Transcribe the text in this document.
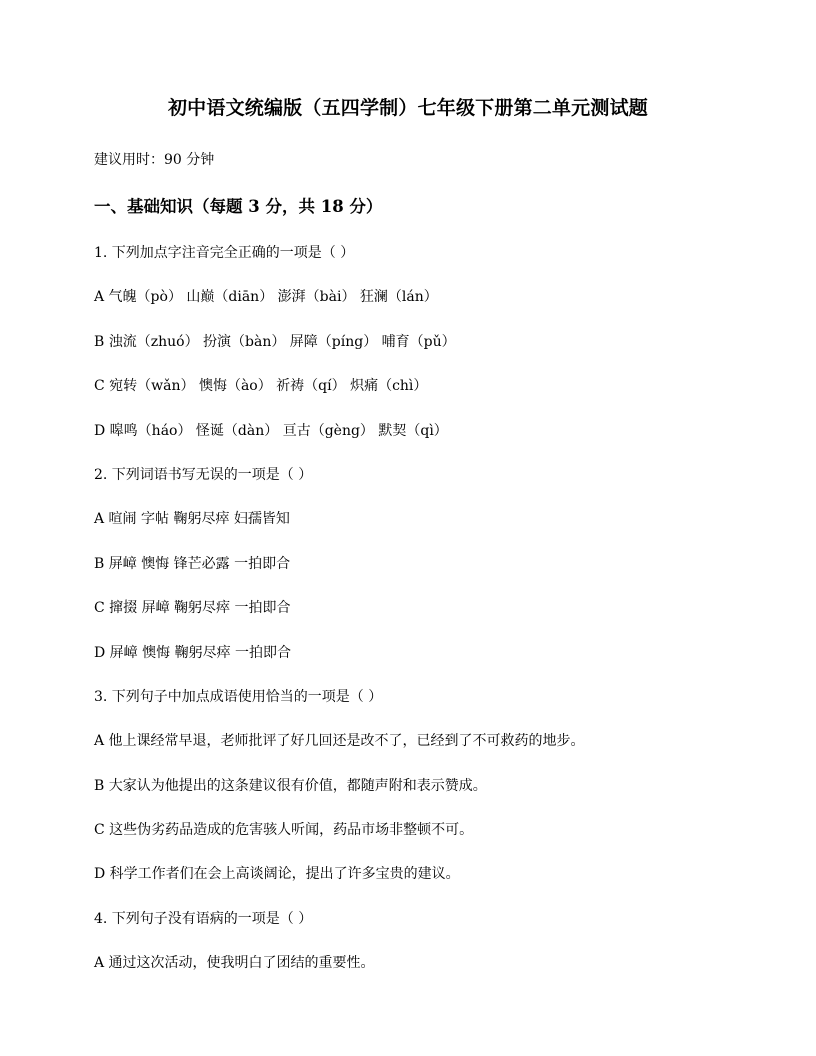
初中语文统编版（五四学制）七年级下册第二单元测试题
建议用时：90 分钟
一、基础知识（每题 3 分，共 18 分）
1. 下列加点字注音完全正确的一项是（ ）
A 气魄（pò） 山巅（diān） 澎湃（bài） 狂澜（lán）
B 浊流（zhuó） 扮演（bàn） 屏障（píng） 哺育（pǔ）
C 宛转（wǎn） 懊悔（ào） 祈祷（qí） 炽痛（chì）
D 嗥鸣（háo） 怪诞（dàn） 亘古（gèng） 默契（qì）
2. 下列词语书写无误的一项是（ ）
A 喧闹 字帖 鞠躬尽瘁 妇孺皆知
B 屏嶂 懊悔 锋芒必露 一拍即合
C 撺掇 屏嶂 鞠躬尽瘁 一拍即合
D 屏嶂 懊悔 鞠躬尽瘁 一拍即合
3. 下列句子中加点成语使用恰当的一项是（ ）
A 他上课经常早退，老师批评了好几回还是改不了，已经到了不可救药的地步。
B 大家认为他提出的这条建议很有价值，都随声附和表示赞成。
C 这些伪劣药品造成的危害骇人听闻，药品市场非整顿不可。
D 科学工作者们在会上高谈阔论，提出了许多宝贵的建议。
4. 下列句子没有语病的一项是（ ）
A 通过这次活动，使我明白了团结的重要性。
